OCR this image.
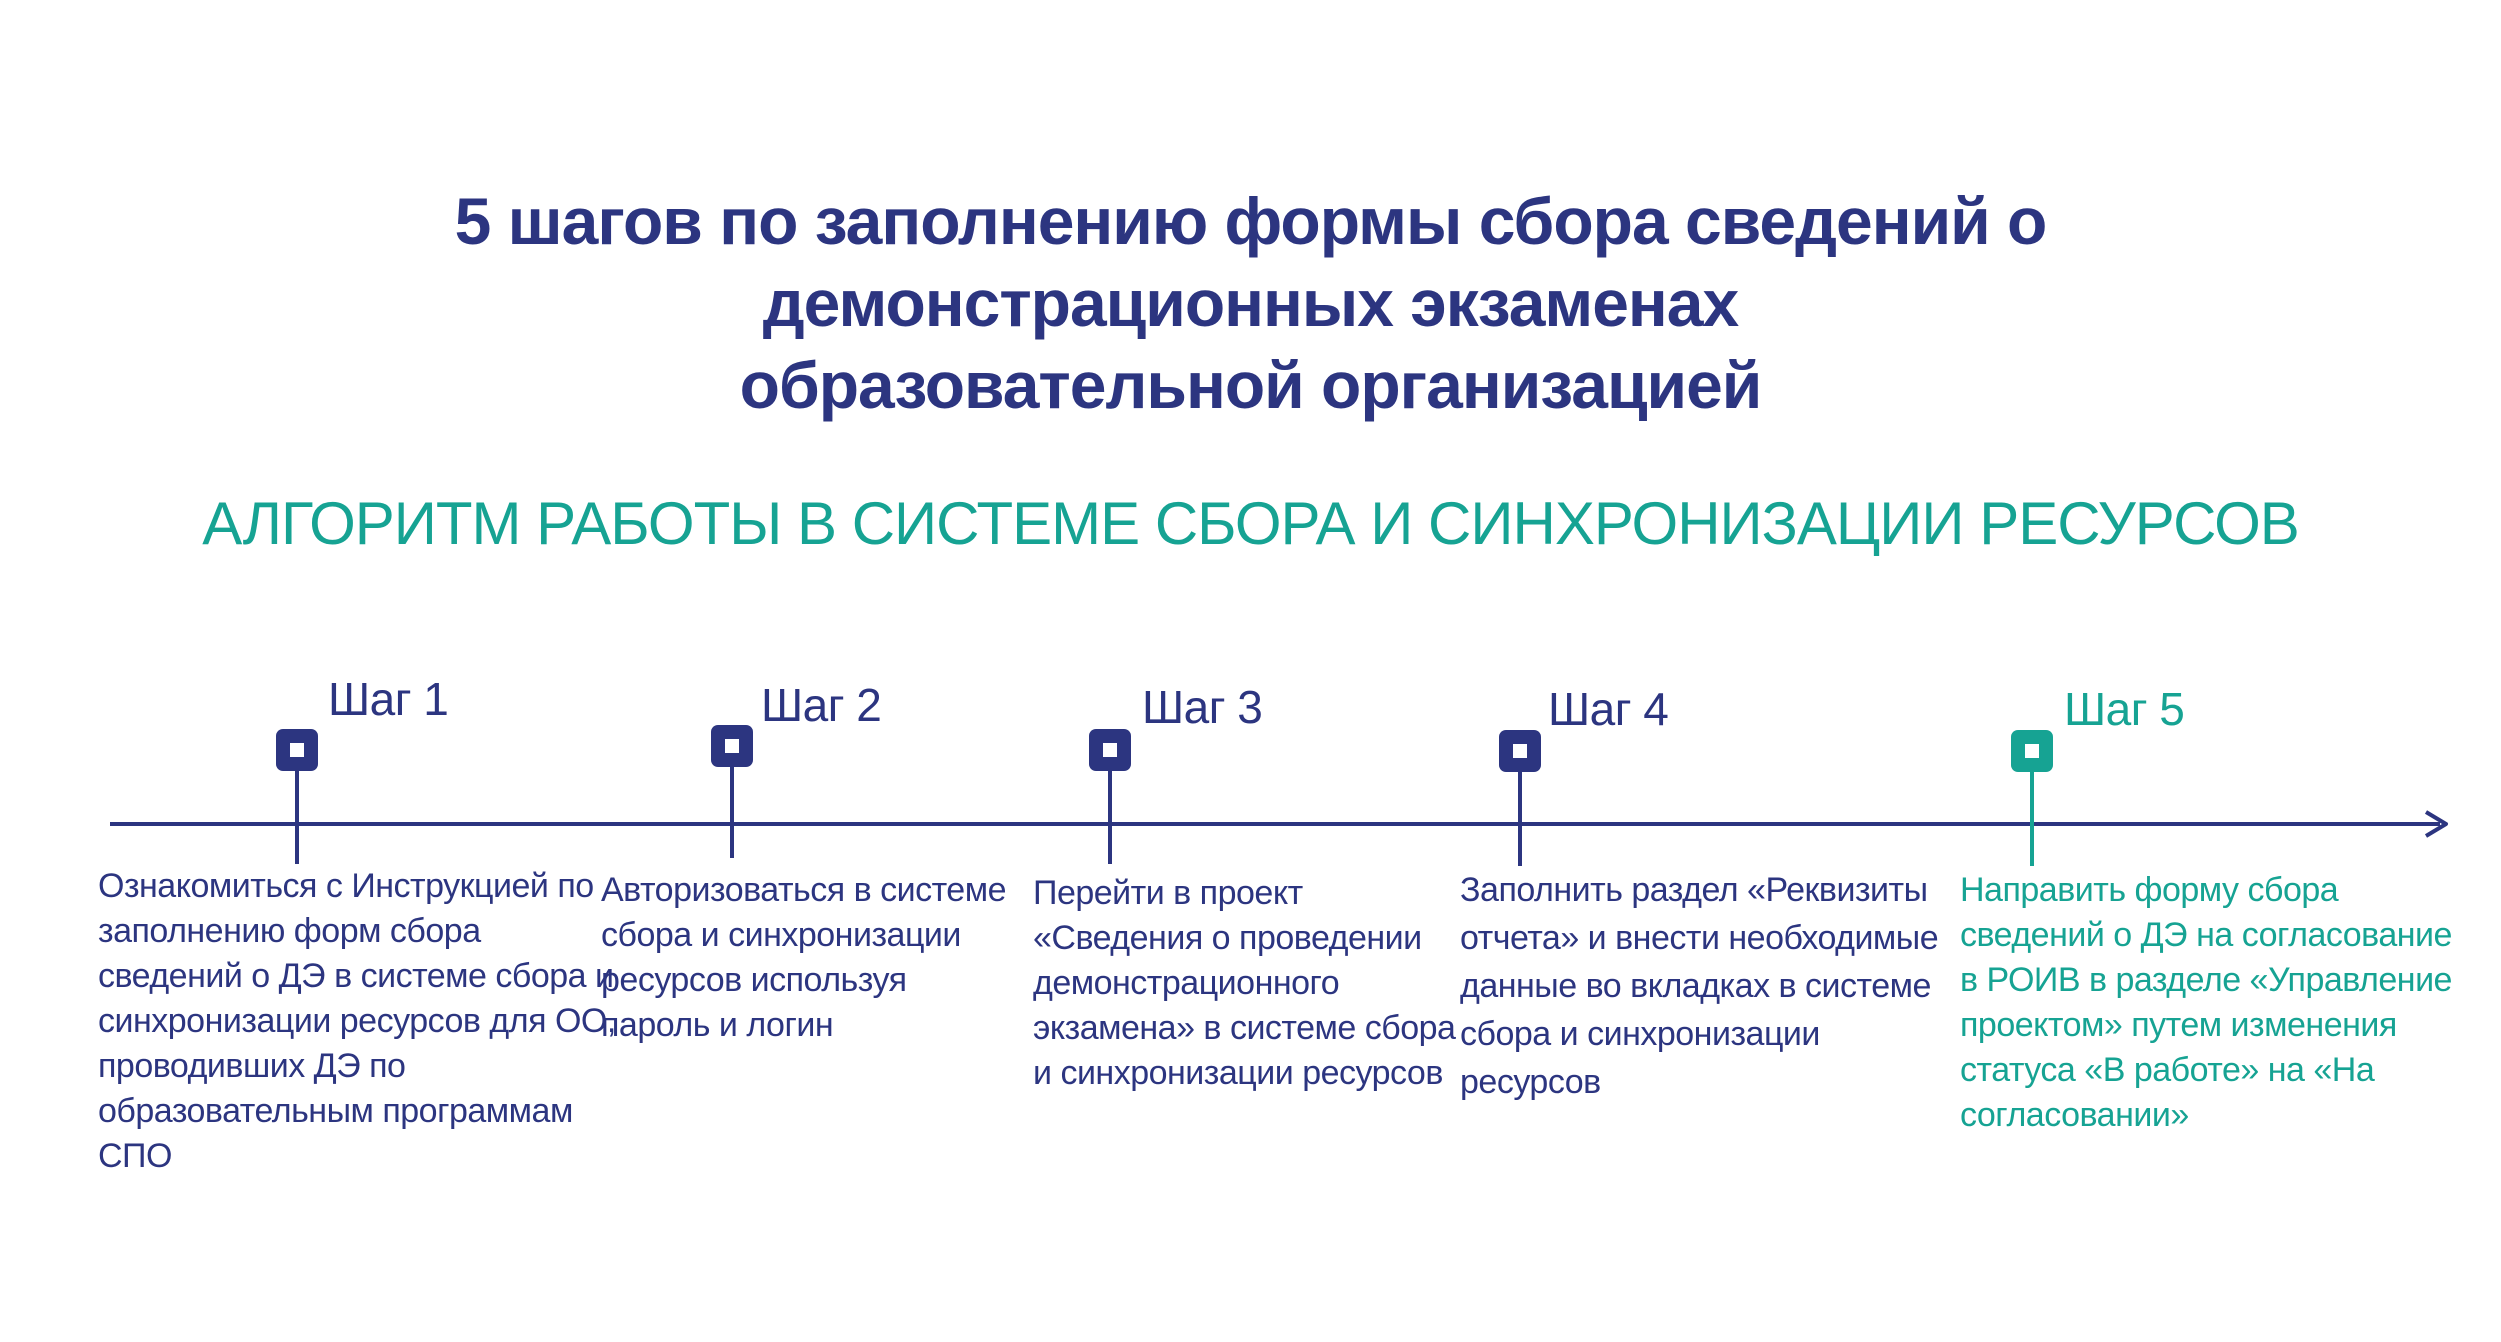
5 шагов по заполнению формы сбора сведений о
демонстрационных экзаменах
образовательной организацией
АЛГОРИТМ РАБОТЫ В СИСТЕМЕ СБОРА И СИНХРОНИЗАЦИИ РЕСУРСОВ
Шаг 1	Шаг 2	Шаг 3	Шаг 4	Шаг 5
Ознакомиться с Инструкцией по
заполнению форм сбора
сведений о ДЭ в системе сбора и
синхронизации ресурсов для ОО,
проводивших ДЭ по
образовательным программам
СПО
Авторизоваться в системе
сбора и синхронизации
ресурсов используя
пароль и логин
Перейти в проект
«Сведения о проведении
демонстрационного
экзамена» в системе сбора
и синхронизации ресурсов
Заполнить раздел «Реквизиты
отчета» и внести необходимые
данные во вкладках в системе
сбора и синхронизации
ресурсов
Направить форму сбора
сведений о ДЭ на согласование
в РОИВ в разделе «Управление
проектом» путем изменения
статуса «В работе» на «На
согласовании»
